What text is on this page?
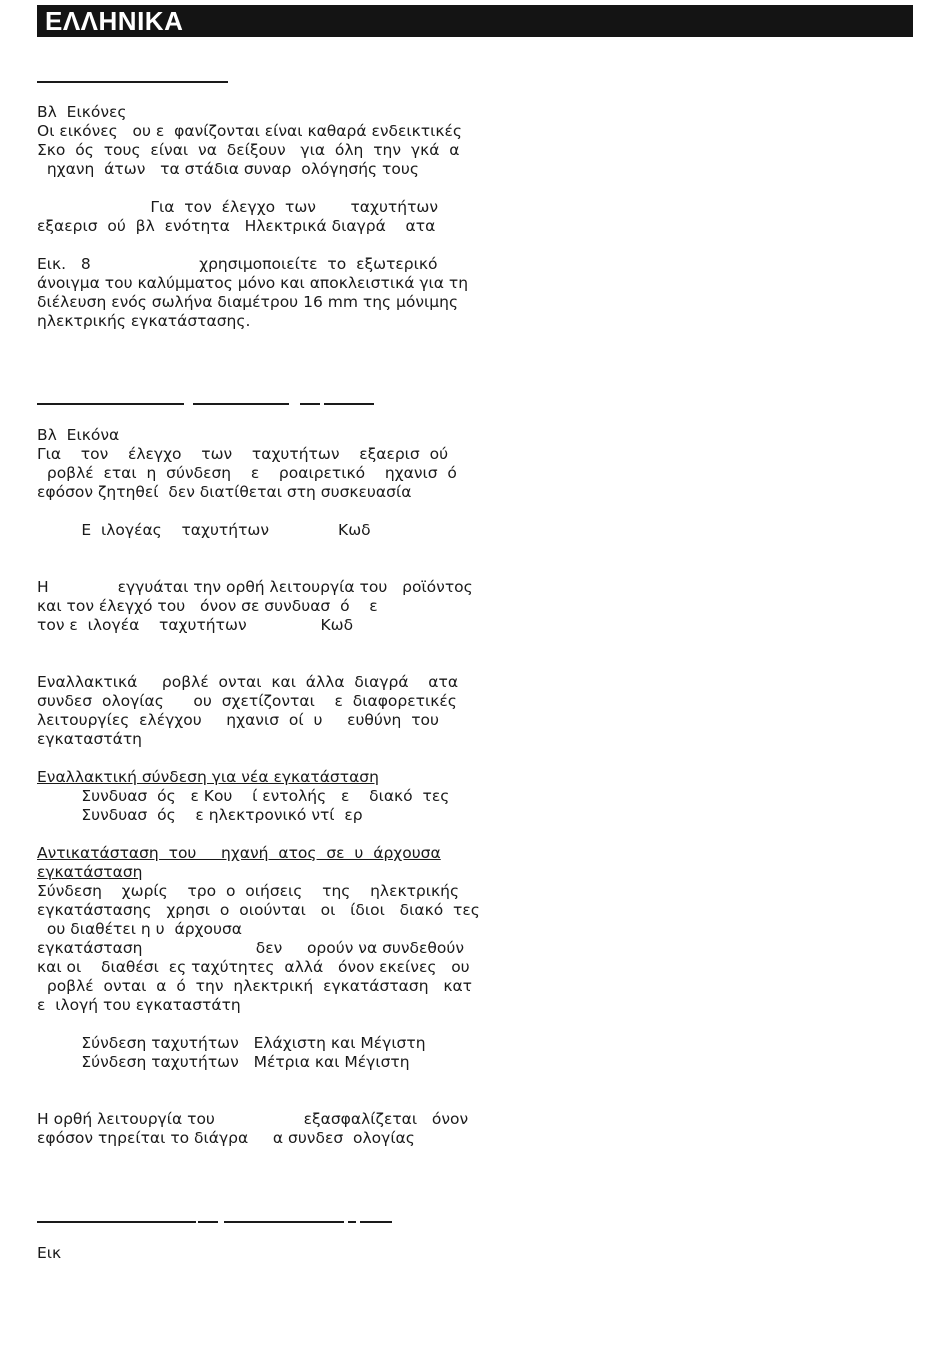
ΕΛΛΗΝΙΚΑ
Βλ  Εικόνες
Οι εικόνες   ου ε  φανίζονται είναι καθαρά ενδεικτικές
Σκο  ός  τους  είναι  να  δείξουν   για  όλη  την  γκά  α
ηχανη  άτων   τα στάδια συναρ  ολόγησής τους
Για  τον  έλεγχο  των       ταχυτήτων
εξαερισ  ού  βλ  ενότητα   Ηλεκτρικά διαγρά    ατα
Εικ.   8                      χρησιμοποιείτε  το  εξωτερικό
άνοιγμα του καλύμματος μόνο και αποκλειστικά για τη
διέλευση ενός σωλήνα διαμέτρου 16 mm της μόνιμης
ηλεκτρικής εγκατάστασης.
Βλ  Εικόνα
Για    τον    έλεγχο    των    ταχυτήτων    εξαερισ  ού
ροβλέ  εται  η  σύνδεση    ε    ροαιρετικό    ηχανισ  ό
εφόσον ζητηθεί  δεν διατίθεται στη συσκευασία
Ε  ιλογέας    ταχυτήτων              Κωδ
Η              εγγυάται την ορθή λειτουργία του   ροϊόντος
και τον έλεγχό του   όνον σε συνδυασ  ό    ε
τον ε  ιλογέα    ταχυτήτων               Κωδ
Εναλλακτικά     ροβλέ  ονται  και  άλλα  διαγρά    ατα
συνδεσ  ολογίας      ου  σχετίζονται    ε  διαφορετικές
λειτουργίες  ελέγχου     ηχανισ  οί  υ     ευθύνη  του
εγκαταστάτη
Εναλλακτική σύνδεση για νέα εγκατάσταση
Συνδυασ  ός   ε Κου    ί εντολής   ε    διακό  τες
Συνδυασ  ός    ε ηλεκτρονικό ντί  ερ
Αντικατάσταση  του     ηχανή  ατος  σε  υ  άρχουσα
εγκατάσταση
Σύνδεση    χωρίς    τρο  ο  οιήσεις    της    ηλεκτρικής
εγκατάστασης   χρησι  ο  οιούνται   οι   ίδιοι   διακό  τες
ου διαθέτει η υ  άρχουσα
εγκατάσταση                       δεν     ορούν να συνδεθούν
και οι    διαθέσι  ες ταχύτητες  αλλά   όνον εκείνες   ου
ροβλέ  ονται  α  ό  την  ηλεκτρική  εγκατάσταση   κατ
ε  ιλογή του εγκαταστάτη
Σύνδεση ταχυτήτων   Ελάχιστη και Μέγιστη
Σύνδεση ταχυτήτων   Μέτρια και Μέγιστη
Η ορθή λειτουργία του                  εξασφαλίζεται   όνον
εφόσον τηρείται το διάγρα     α συνδεσ  ολογίας
Εικ
